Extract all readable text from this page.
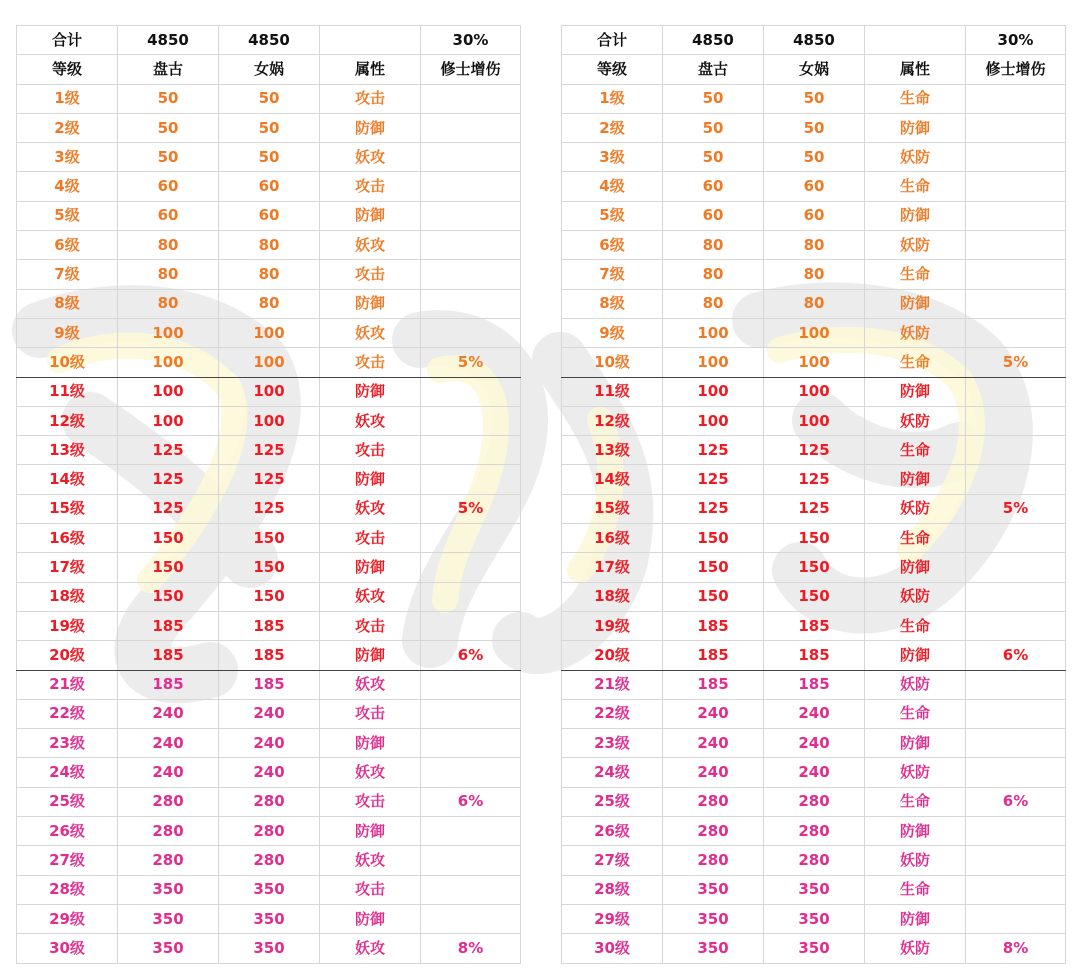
合计	4850	4850		30%
等级	盘古	女娲	属性	修士增伤
1级	50	50	攻击	
2级	50	50	防御	
3级	50	50	妖攻	
4级	60	60	攻击	
5级	60	60	防御	
6级	80	80	妖攻	
7级	80	80	攻击	
8级	80	80	防御	
9级	100	100	妖攻	
10级	100	100	攻击	5%
11级	100	100	防御	
12级	100	100	妖攻	
13级	125	125	攻击	
14级	125	125	防御	
15级	125	125	妖攻	5%
16级	150	150	攻击	
17级	150	150	防御	
18级	150	150	妖攻	
19级	185	185	攻击	
20级	185	185	防御	6%
21级	185	185	妖攻	
22级	240	240	攻击	
23级	240	240	防御	
24级	240	240	妖攻	
25级	280	280	攻击	6%
26级	280	280	防御	
27级	280	280	妖攻	
28级	350	350	攻击	
29级	350	350	防御	
30级	350	350	妖攻	8%
合计	4850	4850		30%
等级	盘古	女娲	属性	修士增伤
1级	50	50	生命	
2级	50	50	防御	
3级	50	50	妖防	
4级	60	60	生命	
5级	60	60	防御	
6级	80	80	妖防	
7级	80	80	生命	
8级	80	80	防御	
9级	100	100	妖防	
10级	100	100	生命	5%
11级	100	100	防御	
12级	100	100	妖防	
13级	125	125	生命	
14级	125	125	防御	
15级	125	125	妖防	5%
16级	150	150	生命	
17级	150	150	防御	
18级	150	150	妖防	
19级	185	185	生命	
20级	185	185	防御	6%
21级	185	185	妖防	
22级	240	240	生命	
23级	240	240	防御	
24级	240	240	妖防	
25级	280	280	生命	6%
26级	280	280	防御	
27级	280	280	妖防	
28级	350	350	生命	
29级	350	350	防御	
30级	350	350	妖防	8%
